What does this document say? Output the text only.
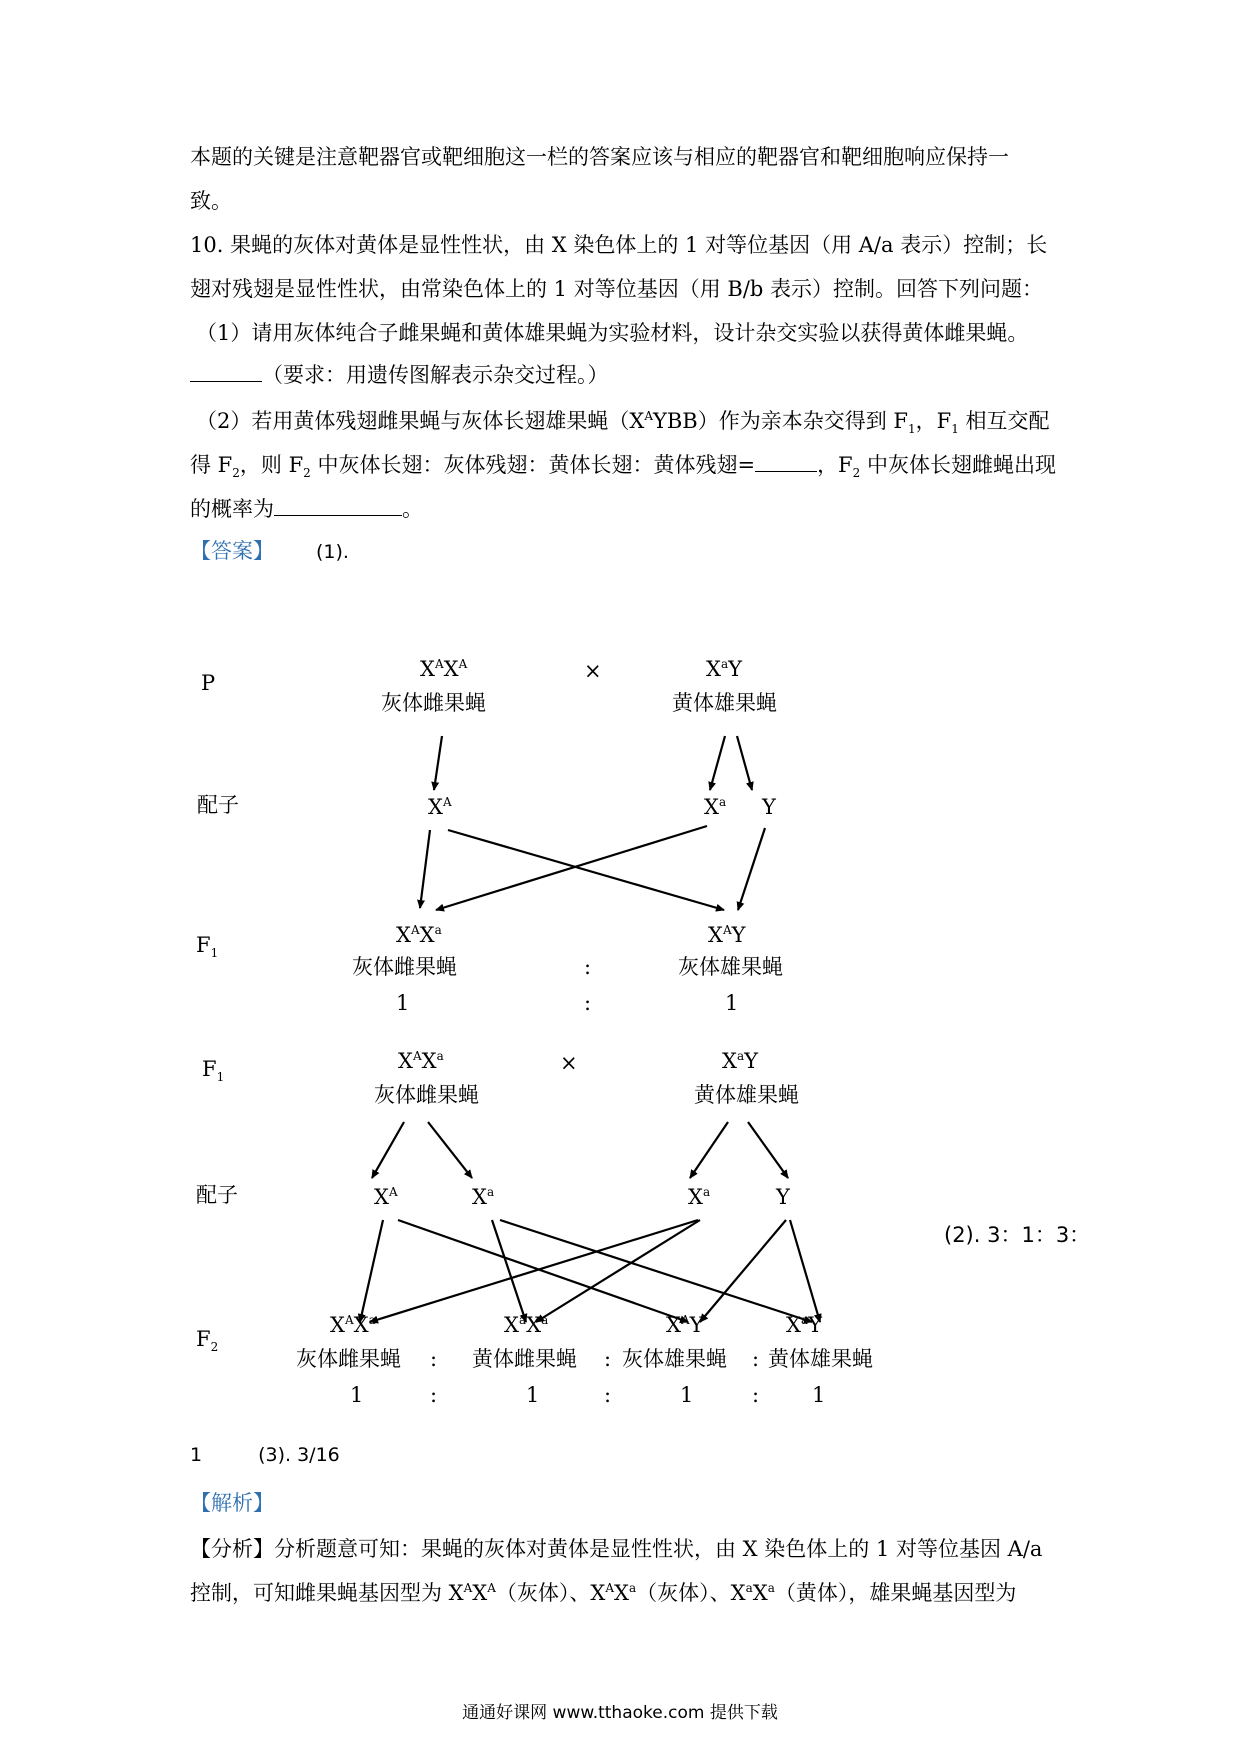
本题的关键是注意靶器官或靶细胞这一栏的答案应该与相应的靶器官和靶细胞响应保持一
致。
10. 果蝇的灰体对黄体是显性性状，由 X 染色体上的 1 对等位基因（用 A/a 表示）控制；长
翅对残翅是显性性状，由常染色体上的 1 对等位基因（用 B/b 表示）控制。回答下列问题：
（1）请用灰体纯合子雌果蝇和黄体雄果蝇为实验材料，设计杂交实验以获得黄体雌果蝇。
（要求：用遗传图解表示杂交过程。）
（2）若用黄体残翅雌果蝇与灰体长翅雄果蝇$(X^AYBB)$作为亲本杂交得到 $F_1$，$F_1$ 相互交配
得 $F_2$，则 $F_2$ 中灰体长翅：灰体残翅：黄体长翅：黄体残翅=	，$F_2$ 中灰体长翅雌蝇出现
的概率为	。
【答案】 (1).
P
$X^AX^A$
灰体雌果蝇
×	$X^aY$
黄体雄果蝇
配子	$X^A$	$X^a$ Y
$F_1$
$X^AX^a$
灰体雌果蝇	:
$X^AY$
灰体雄果蝇
1	:	1
$F_1$
$X^AX^a$
灰体雌果蝇
×	$X^aY$
黄体雄果蝇
配子	$X^A$	$X^a$	$X^a$	Y
(2). 3：1：3：
$F_2$
$X^AX^a$	$X^aX^a$	$X^AY$	$X^aY$
灰体雌果蝇 : 黄体雌果蝇 : 灰体雄果蝇 : 黄体雄果蝇
1	:	1	:	1	:	1
1	(3). 3/16
【解析】
【分析】分析题意可知：果蝇的灰体对黄体是显性性状，由 X 染色体上的 1 对等位基因 A/a
控制，可知雌果蝇基因型为 $X^AX^A$（灰体）、$X^AX^a$（灰体）、$X^aX^a$（黄体），雄果蝇基因型为
通通好课网 www.tthaoke.com 提供下载
